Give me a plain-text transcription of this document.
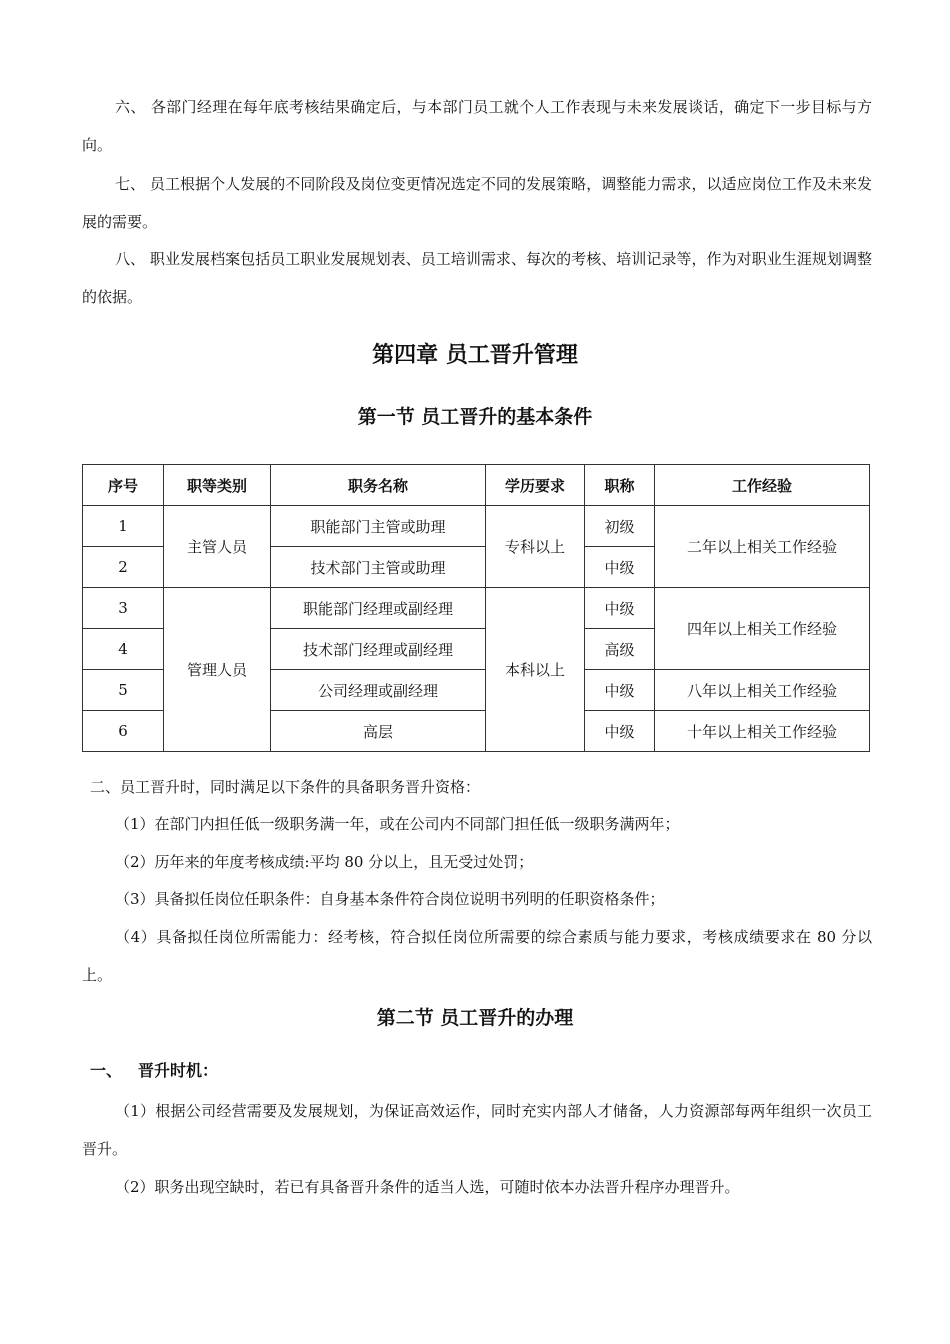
六、 各部门经理在每年底考核结果确定后，与本部门员工就个人工作表现与未来发展谈话，确定下一步目标与方向。

七、 员工根据个人发展的不同阶段及岗位变更情况选定不同的发展策略，调整能力需求，以适应岗位工作及未来发展的需要。

八、 职业发展档案包括员工职业发展规划表、员工培训需求、每次的考核、培训记录等，作为对职业生涯规划调整的依据。

第四章 员工晋升管理
第一节 员工晋升的基本条件
序号	职等类别	职务名称	学历要求	职称	工作经验
1	主管人员	职能部门主管或助理	专科以上	初级	二年以上相关工作经验
2		技术部门主管或助理		中级	
3	管理人员	职能部门经理或副经理	本科以上	中级	四年以上相关工作经验
4		技术部门经理或副经理		高级	
5		公司经理或副经理		中级	八年以上相关工作经验
6		高层		中级	十年以上相关工作经验

二、员工晋升时，同时满足以下条件的具备职务晋升资格：

（1）在部门内担任低一级职务满一年，或在公司内不同部门担任低一级职务满两年；

（2）历年来的年度考核成绩:平均 80 分以上，且无受过处罚；

（3）具备拟任岗位任职条件：自身基本条件符合岗位说明书列明的任职资格条件；

（4）具备拟任岗位所需能力：经考核，符合拟任岗位所需要的综合素质与能力要求，考核成绩要求在 80 分以上。

第二节 员工晋升的办理
一、 晋升时机：

（1）根据公司经营需要及发展规划，为保证高效运作，同时充实内部人才储备，人力资源部每两年组织一次员工晋升。

（2）职务出现空缺时，若已有具备晋升条件的适当人选，可随时依本办法晋升程序办理晋升。
